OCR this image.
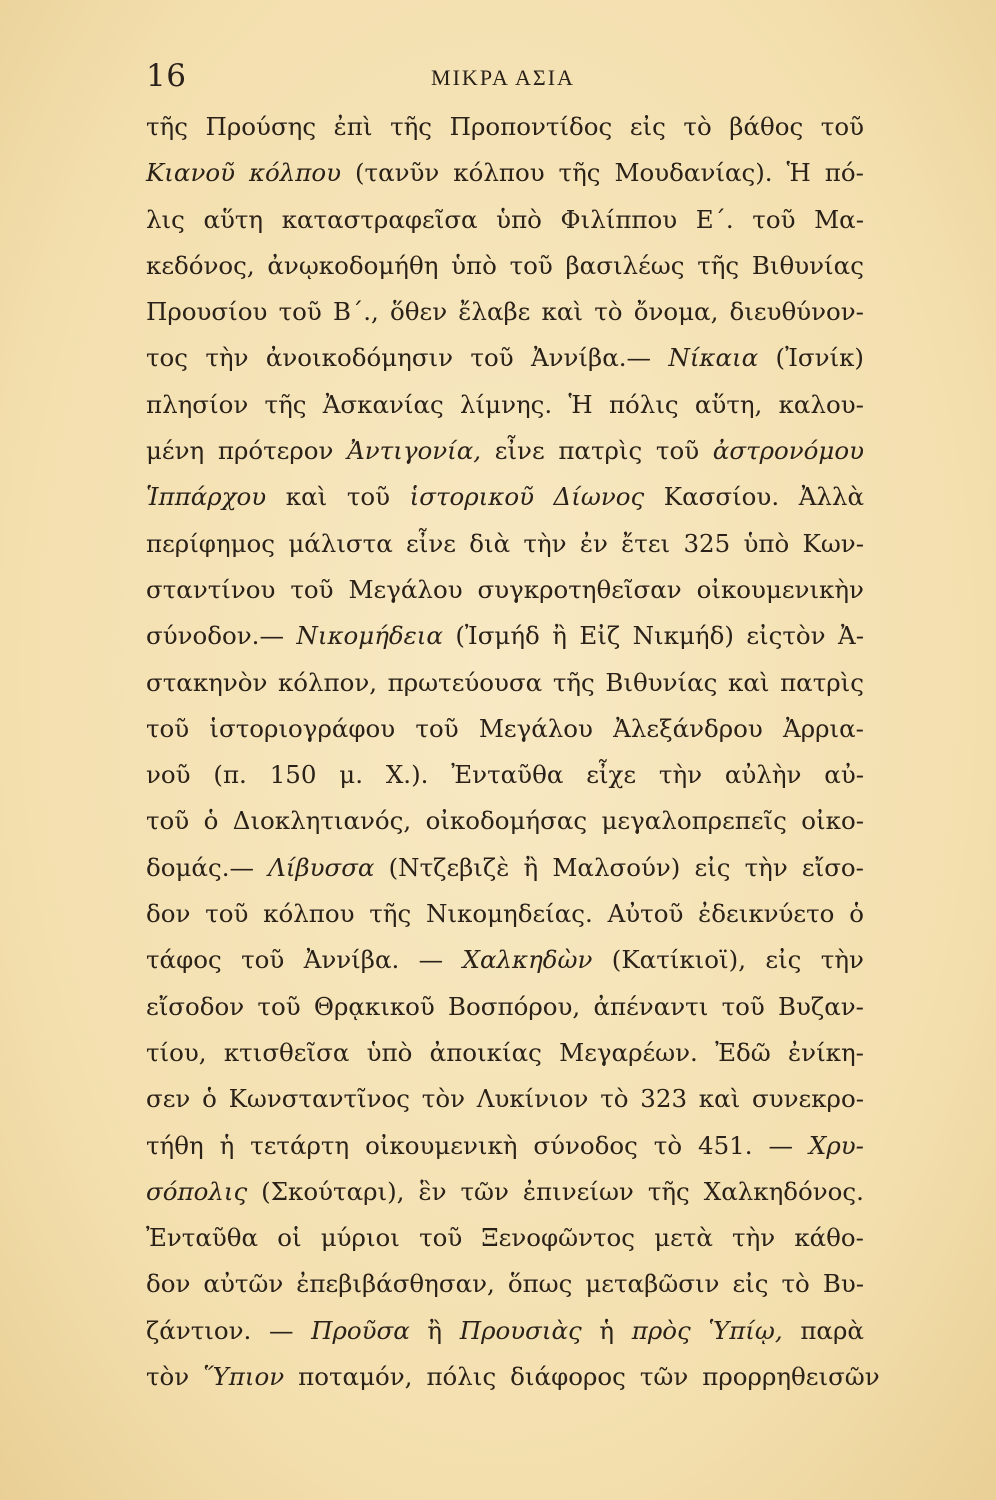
16	ΜΙΚΡΑ ΑΣΙΑ
τῆς Προύσης ἐπὶ τῆς Προποντίδος εἰς τὸ βάθος τοῦ
Κιανοῦ κόλπου (τανῦν κόλπου τῆς Μουδανίας). Ἡ πό-
λις αὕτη καταστραφεῖσα ὑπὸ Φιλίππου Ε΄. τοῦ Μα-
κεδόνος, ἀνῳκοδομήθη ὑπὸ τοῦ βασιλέως τῆς Βιθυνίας
Προυσίου τοῦ Β΄., ὅθεν ἔλαβε καὶ τὸ ὄνομα, διευθύνον-
τος τὴν ἀνοικοδόμησιν τοῦ Ἀννίβα.— Νίκαια (Ἰσνίκ)
πλησίον τῆς Ἀσκανίας λίμνης. Ἡ πόλις αὕτη, καλου-
μένη πρότερον Ἀντιγονία, εἶνε πατρὶς τοῦ ἀστρονόμου
Ἱππάρχου καὶ τοῦ ἱστορικοῦ Δίωνος Κασσίου. Ἀλλὰ
περίφημος μάλιστα εἶνε διὰ τὴν ἐν ἔτει 325 ὑπὸ Κων-
σταντίνου τοῦ Μεγάλου συγκροτηθεῖσαν οἰκουμενικὴν
σύνοδον.— Νικομήδεια (Ἰσμήδ ἢ Εἰζ Νικμήδ) εἰςτὸν Ἀ-
στακηνὸν κόλπον, πρωτεύουσα τῆς Βιθυνίας καὶ πατρὶς
τοῦ ἱστοριογράφου τοῦ Μεγάλου Ἀλεξάνδρου Ἀρρια-
νοῦ (π. 150 μ. Χ.). Ἐνταῦθα εἶχε τὴν αὐλὴν αὐ-
τοῦ ὁ Διοκλητιανός, οἰκοδομήσας μεγαλοπρεπεῖς οἰκο-
δομάς.— Λίβυσσα (Ντζεβιζὲ ἢ Μαλσούν) εἰς τὴν εἴσο-
δον τοῦ κόλπου τῆς Νικομηδείας. Αὐτοῦ ἐδεικνύετο ὁ
τάφος τοῦ Ἀννίβα. — Χαλκηδὼν (Κατίκιοϊ), εἰς τὴν
εἴσοδον τοῦ Θρᾳκικοῦ Βοσπόρου, ἀπέναντι τοῦ Βυζαν-
τίου, κτισθεῖσα ὑπὸ ἀποικίας Μεγαρέων. Ἐδῶ ἐνίκη-
σεν ὁ Κωνσταντῖνος τὸν Λυκίνιον τὸ 323 καὶ συνεκρο-
τήθη ἡ τετάρτη οἰκουμενικὴ σύνοδος τὸ 451. — Χρυ-
σόπολις (Σκούταρι), ἓν τῶν ἐπινείων τῆς Χαλκηδόνος.
Ἐνταῦθα οἱ μύριοι τοῦ Ξενοφῶντος μετὰ τὴν κάθο-
δον αὐτῶν ἐπεβιβάσθησαν, ὅπως μεταβῶσιν εἰς τὸ Βυ-
ζάντιον. — Προῦσα ἢ Προυσιὰς ἡ πρὸς Ὑπίῳ, παρὰ
τὸν Ὕπιον ποταμόν, πόλις διάφορος τῶν προρρηθεισῶν
